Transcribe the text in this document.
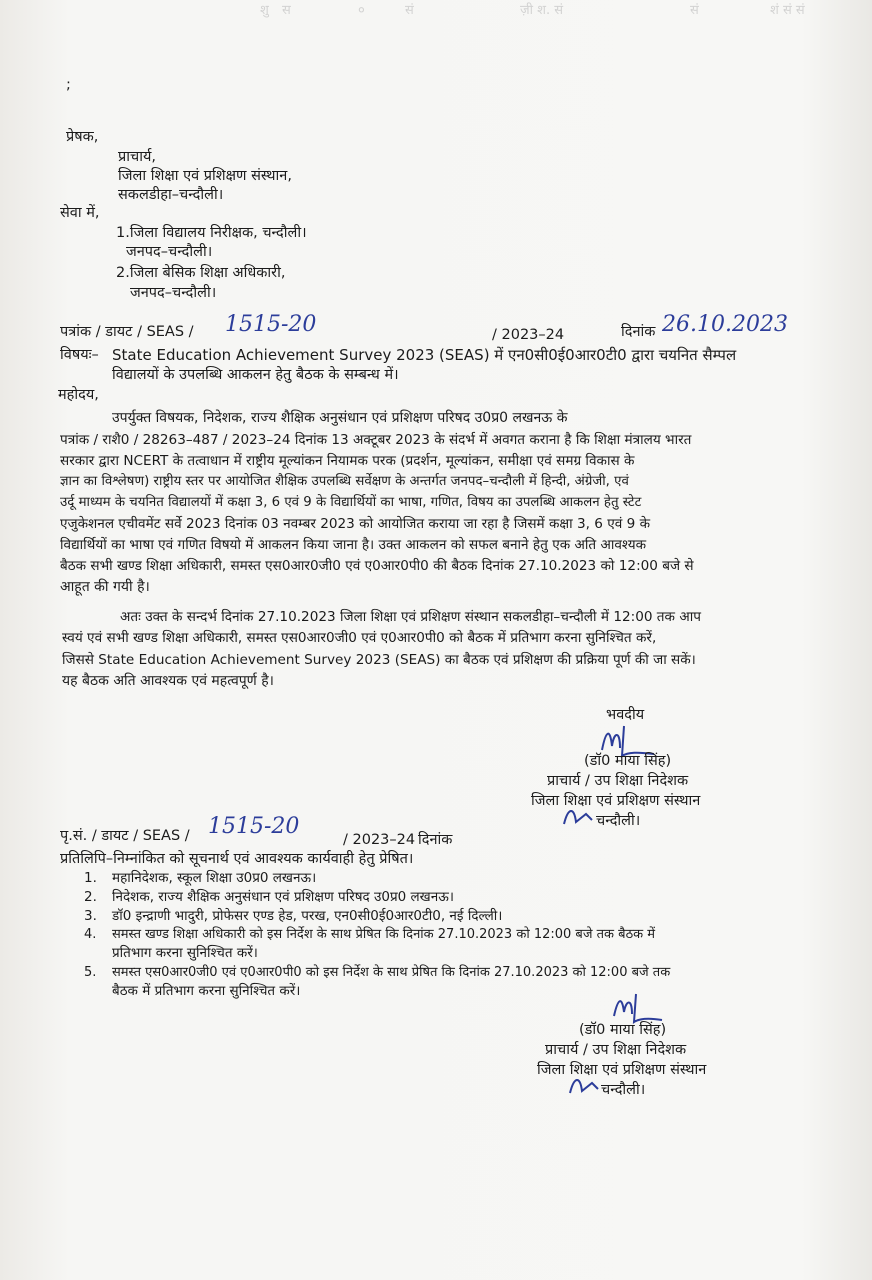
शु स	०	सं	ज़ी श. सं	सं	शं सं सं
;
प्रेषक,
प्राचार्य,
जिला शिक्षा एवं प्रशिक्षण संस्थान,
सकलडीहा–चन्दौली।
सेवा में,
1.जिला विद्यालय निरीक्षक, चन्दौली।
जनपद–चन्दौली।
2.जिला बेसिक शिक्षा अधिकारी,
जनपद–चन्दौली।
पत्रांक / डायट / SEAS / 1515-20	/ 2023–24	दिनांक 26.10.2023
विषयः– State Education Achievement Survey 2023 (SEAS) में एन0सी0ई0आर0टी0 द्वारा चयनित सैम्पल
विद्यालयों के उपलब्धि आकलन हेतु बैठक के सम्बन्ध में।
महोदय,
उपर्युक्त विषयक, निदेशक, राज्य शैक्षिक अनुसंधान एवं प्रशिक्षण परिषद उ0प्र0 लखनऊ के
पत्रांक / राशै0 / 28263–487 / 2023–24 दिनांक 13 अक्टूबर 2023 के संदर्भ में अवगत कराना है कि शिक्षा मंत्रालय भारत
सरकार द्वारा NCERT के तत्वाधान में राष्ट्रीय मूल्यांकन नियामक परक (प्रदर्शन, मूल्यांकन, समीक्षा एवं समग्र विकास के
ज्ञान का विश्लेषण) राष्ट्रीय स्तर पर आयोजित शैक्षिक उपलब्धि सर्वेक्षण के अन्तर्गत जनपद–चन्दौली में हिन्दी, अंग्रेजी, एवं
उर्दू माध्यम के चयनित विद्यालयों में कक्षा 3, 6 एवं 9 के विद्यार्थियों का भाषा, गणित, विषय का उपलब्धि आकलन हेतु स्टेट
एजुकेशनल एचीवमेंट सर्वे 2023 दिनांक 03 नवम्बर 2023 को आयोजित कराया जा रहा है जिसमें कक्षा 3, 6 एवं 9 के
विद्यार्थियों का भाषा एवं गणित विषयो में आकलन किया जाना है। उक्त आकलन को सफल बनाने हेतु एक अति आवश्यक
बैठक सभी खण्ड शिक्षा अधिकारी, समस्त एस0आर0जी0 एवं ए0आर0पी0 की बैठक दिनांक 27.10.2023 को 12:00 बजे से
आहूत की गयी है।
अतः उक्त के सन्दर्भ दिनांक 27.10.2023 जिला शिक्षा एवं प्रशिक्षण संस्थान सकलडीहा–चन्दौली में 12:00 तक आप
स्वयं एवं सभी खण्ड शिक्षा अधिकारी, समस्त एस0आर0जी0 एवं ए0आर0पी0 को बैठक में प्रतिभाग करना सुनिश्चित करें,
जिससे State Education Achievement Survey 2023 (SEAS) का बैठक एवं प्रशिक्षण की प्रक्रिया पूर्ण की जा सकें।
यह बैठक अति आवश्यक एवं महत्वपूर्ण है।
भवदीय
(डॉ0 माया सिंह)
प्राचार्य / उप शिक्षा निदेशक
जिला शिक्षा एवं प्रशिक्षण संस्थान
चन्दौली।
पृ.सं. / डायट / SEAS / 1515-20
/ 2023–24 दिनांक
प्रतिलिपि–निम्नांकित को सूचनार्थ एवं आवश्यक कार्यवाही हेतु प्रेषित।
1. महानिदेशक, स्कूल शिक्षा उ0प्र0 लखनऊ।
2. निदेशक, राज्य शैक्षिक अनुसंधान एवं प्रशिक्षण परिषद उ0प्र0 लखनऊ।
3. डॉ0 इन्द्राणी भादुरी, प्रोफेसर एण्ड हेड, परख, एन0सी0ई0आर0टी0, नई दिल्ली।
4. समस्त खण्ड शिक्षा अधिकारी को इस निर्देश के साथ प्रेषित कि दिनांक 27.10.2023 को 12:00 बजे तक बैठक में
प्रतिभाग करना सुनिश्चित करें।
5. समस्त एस0आर0जी0 एवं ए0आर0पी0 को इस निर्देश के साथ प्रेषित कि दिनांक 27.10.2023 को 12:00 बजे तक
बैठक में प्रतिभाग करना सुनिश्चित करें।
(डॉ0 माया सिंह)
प्राचार्य / उप शिक्षा निदेशक
जिला शिक्षा एवं प्रशिक्षण संस्थान
चन्दौली।
